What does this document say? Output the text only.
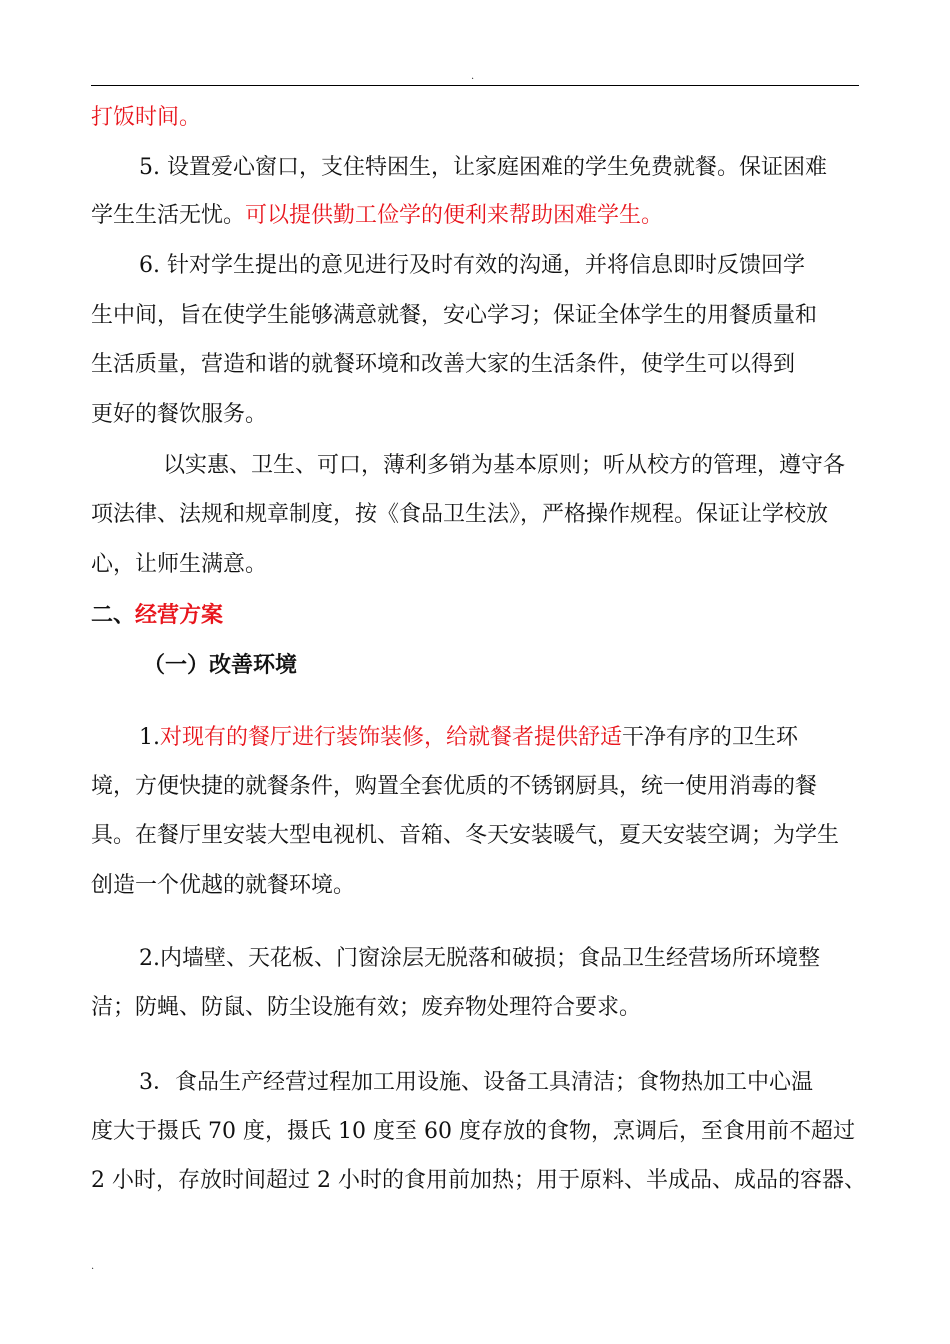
.
打饭时间。
5. 设置爱心窗口，支住特困生，让家庭困难的学生免费就餐。保证困难
学生生活无忧。可以提供勤工俭学的便利来帮助困难学生。
6. 针对学生提出的意见进行及时有效的沟通，并将信息即时反馈回学
生中间，旨在使学生能够满意就餐，安心学习；保证全体学生的用餐质量和
生活质量，营造和谐的就餐环境和改善大家的生活条件，使学生可以得到
更好的餐饮服务。
以实惠、卫生、可口，薄利多销为基本原则；听从校方的管理，遵守各
项法律、法规和规章制度，按《食品卫生法》，严格操作规程。保证让学校放
心，让师生满意。
二、经营方案
（一）改善环境
1.对现有的餐厅进行装饰装修，给就餐者提供舒适干净有序的卫生环
境，方便快捷的就餐条件，购置全套优质的不锈钢厨具，统一使用消毒的餐
具。在餐厅里安装大型电视机、音箱、冬天安装暖气，夏天安装空调；为学生
创造一个优越的就餐环境。
2.内墙壁、天花板、门窗涂层无脱落和破损；食品卫生经营场所环境整
洁；防蝇、防鼠、防尘设施有效；废弃物处理符合要求。
3．食品生产经营过程加工用设施、设备工具清洁；食物热加工中心温
度大于摄氏 70 度，摄氏 10 度至 60 度存放的食物，烹调后，至食用前不超过
2 小时，存放时间超过 2 小时的食用前加热；用于原料、半成品、成品的容器、
.
